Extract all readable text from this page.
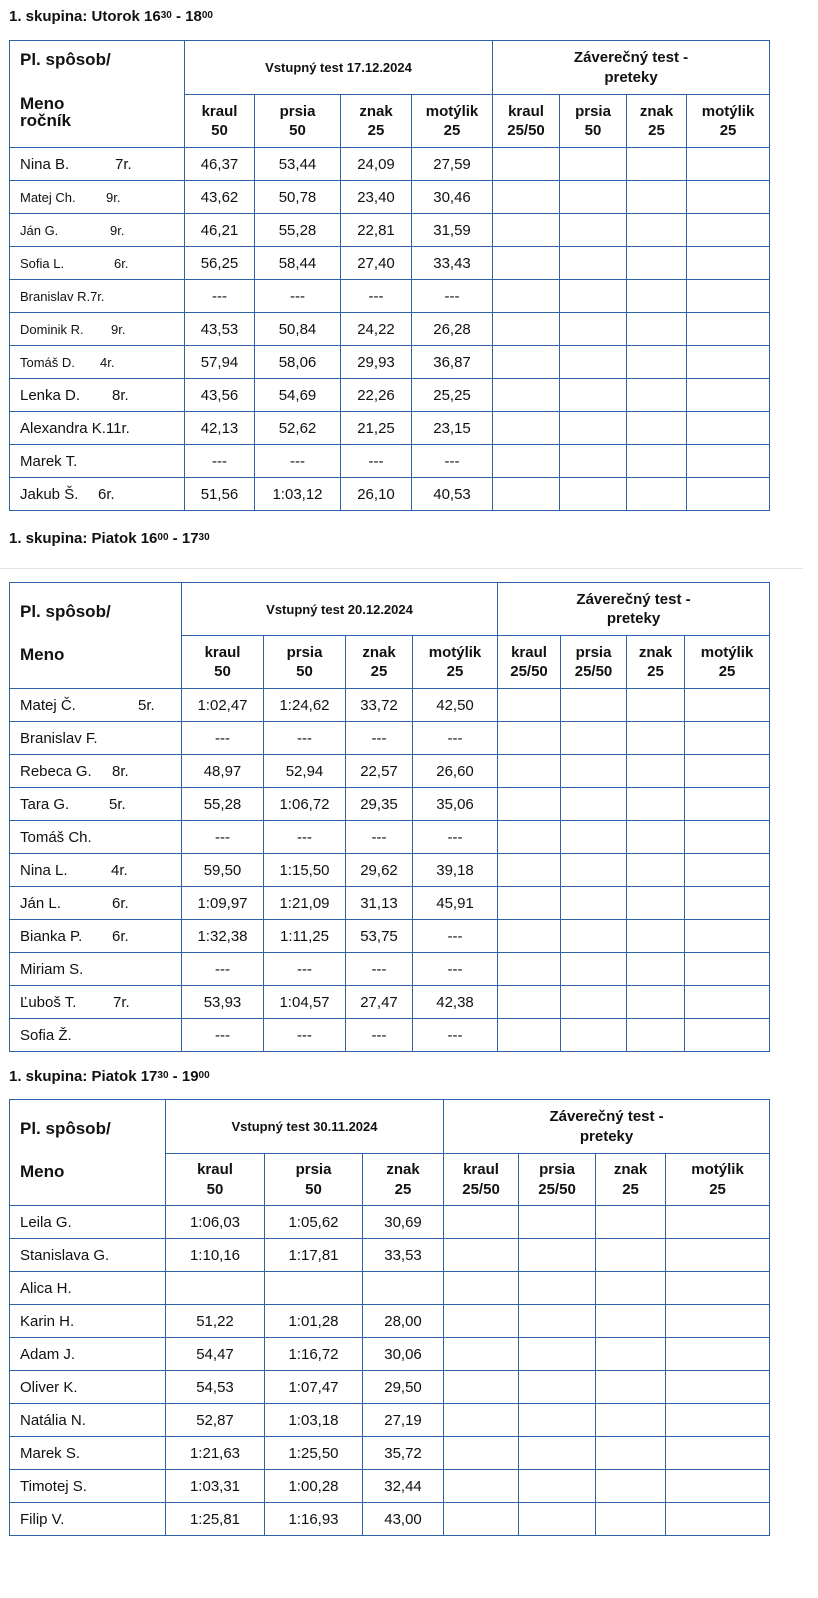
1. skupina: Utorok $16^{30} - 18^{00}$
Pl. spôsob/
Meno
ročník	Vstupný test 17.12.2024				Záverečný test -
preteky			
	kraul
50	prsia
50	znak
25	motýlik
25	kraul
25/50	prsia
50	znak
25	motýlik
25
Nina B. 7r.	46,37	53,44	24,09	27,59				
Matej Ch. 9r.	43,62	50,78	23,40	30,46				
Ján G. 9r.	46,21	55,28	22,81	31,59				
Sofia L. 6r.	56,25	58,44	27,40	33,43				
Branislav R.7r.	---	---	---	---				
Dominik R. 9r.	43,53	50,84	24,22	26,28				
Tomáš D. 4r.	57,94	58,06	29,93	36,87				
Lenka D. 8r.	43,56	54,69	22,26	25,25				
Alexandra K.11r.	42,13	52,62	21,25	23,15				
Marek T.	---	---	---	---				
Jakub Š. 6r.	51,56	1:03,12	26,10	40,53				
1. skupina: Piatok $16^{00} - 17^{30}$
Pl. spôsob/
Meno	Vstupný test 20.12.2024				Záverečný test -
preteky			
	kraul
50	prsia
50	znak
25	motýlik
25	kraul
25/50	prsia
25/50	znak
25	motýlik
25
Matej Č. 5r.	1:02,47	1:24,62	33,72	42,50				
Branislav F.	---	---	---	---				
Rebeca G. 8r.	48,97	52,94	22,57	26,60				
Tara G. 5r.	55,28	1:06,72	29,35	35,06				
Tomáš Ch.	---	---	---	---				
Nina L. 4r.	59,50	1:15,50	29,62	39,18				
Ján L. 6r.	1:09,97	1:21,09	31,13	45,91				
Bianka P. 6r.	1:32,38	1:11,25	53,75	---				
Miriam S.	---	---	---	---				
Ľuboš T. 7r.	53,93	1:04,57	27,47	42,38				
Sofia Ž.	---	---	---	---				
1. skupina: Piatok $17^{30} - 19^{00}$
Pl. spôsob/
Meno	Vstupný test 30.11.2024			Záverečný test -
preteky			
	kraul
50	prsia
50	znak
25	kraul
25/50	prsia
25/50	znak
25	motýlik
25
Leila G.	1:06,03	1:05,62	30,69				
Stanislava G.	1:10,16	1:17,81	33,53				
Alica H.							
Karin H.	51,22	1:01,28	28,00				
Adam J.	54,47	1:16,72	30,06				
Oliver K.	54,53	1:07,47	29,50				
Natália N.	52,87	1:03,18	27,19				
Marek S.	1:21,63	1:25,50	35,72				
Timotej S.	1:03,31	1:00,28	32,44				
Filip V.	1:25,81	1:16,93	43,00				
